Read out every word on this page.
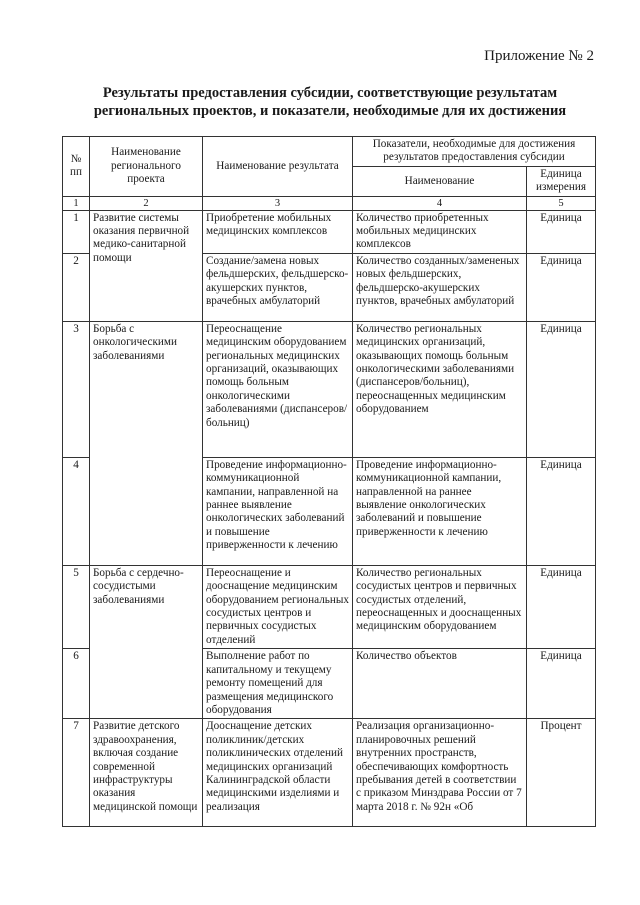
Приложение № 2
Результаты предоставления субсидии, соответствующие результатам
региональных проектов, и показатели, необходимые для их достижения
№ пп	Наименование регионального проекта	Наименование результата	Показатели, необходимые для достижения результатов предоставления субсидии	
			Наименование	Единица измерения
1	2	3	4	5
1	Развитие системы оказания первичной медико-санитарной помощи	Приобретение мобильных медицинских комплексов	Количество приобретенных мобильных медицинских комплексов	Единица
2		Создание/замена новых фельдшерских, фельдшерско-акушерских пунктов, врачебных амбулаторий	Количество созданных/замененых новых фельдшерских, фельдшерско-акушерских пунктов, врачебных амбулаторий	Единица
3	Борьба с онкологическими заболеваниями	Переоснащение медицинским оборудованием региональных медицинских организаций, оказывающих помощь больным онкологическими заболеваниями (диспансеров/больниц)	Количество региональных медицинских организаций, оказывающих помощь больным онкологическими заболеваниями (диспансеров/больниц), переоснащенных медицинским оборудованием	Единица
4		Проведение информационно-коммуникационной кампании, направленной на раннее выявление онкологических заболеваний и повышение приверженности к лечению	Проведение информационно-коммуникационной кампании, направленной на раннее выявление онкологических заболеваний и повышение приверженности к лечению	Единица
5	Борьба с сердечно-сосудистыми заболеваниями	Переоснащение и дооснащение медицинским оборудованием региональных сосудистых центров и первичных сосудистых отделений	Количество региональных сосудистых центров и первичных сосудистых отделений, переоснащенных и дооснащенных медицинским оборудованием	Единица
6		Выполнение работ по капитальному и текущему ремонту помещений для размещения медицинского оборудования	Количество объектов	Единица
7	Развитие детского здравоохранения, включая создание современной инфраструктуры оказания медицинской помощи	Дооснащение детских поликлиник/детских поликлинических отделений медицинских организаций Калининградской области медицинскими изделиями и реализация	Реализация организационно-планировочных решений внутренних пространств, обеспечивающих комфортность пребывания детей в соответствии с приказом Минздрава России от 7 марта 2018 г. № 92н «Об	Процент
